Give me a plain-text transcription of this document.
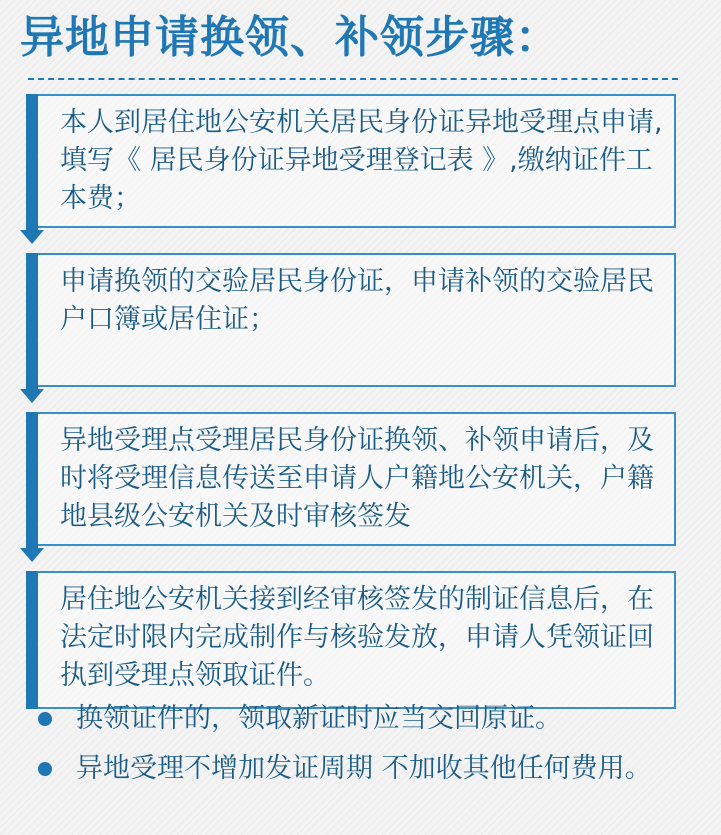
异地申请换领、补领步骤：
本人到居住地公安机关居民身份证异地受理点申请,填写《 居民身份证异地受理登记表 》,缴纳证件工本费；
申请换领的交验居民身份证，申请补领的交验居民户口簿或居住证；
异地受理点受理居民身份证换领、补领申请后，及时将受理信息传送至申请人户籍地公安机关，户籍地县级公安机关及时审核签发
居住地公安机关接到经审核签发的制证信息后，在法定时限内完成制作与核验发放，申请人凭领证回执到受理点领取证件。
换领证件的，领取新证时应当交回原证。
异地受理不增加发证周期 不加收其他任何费用。
